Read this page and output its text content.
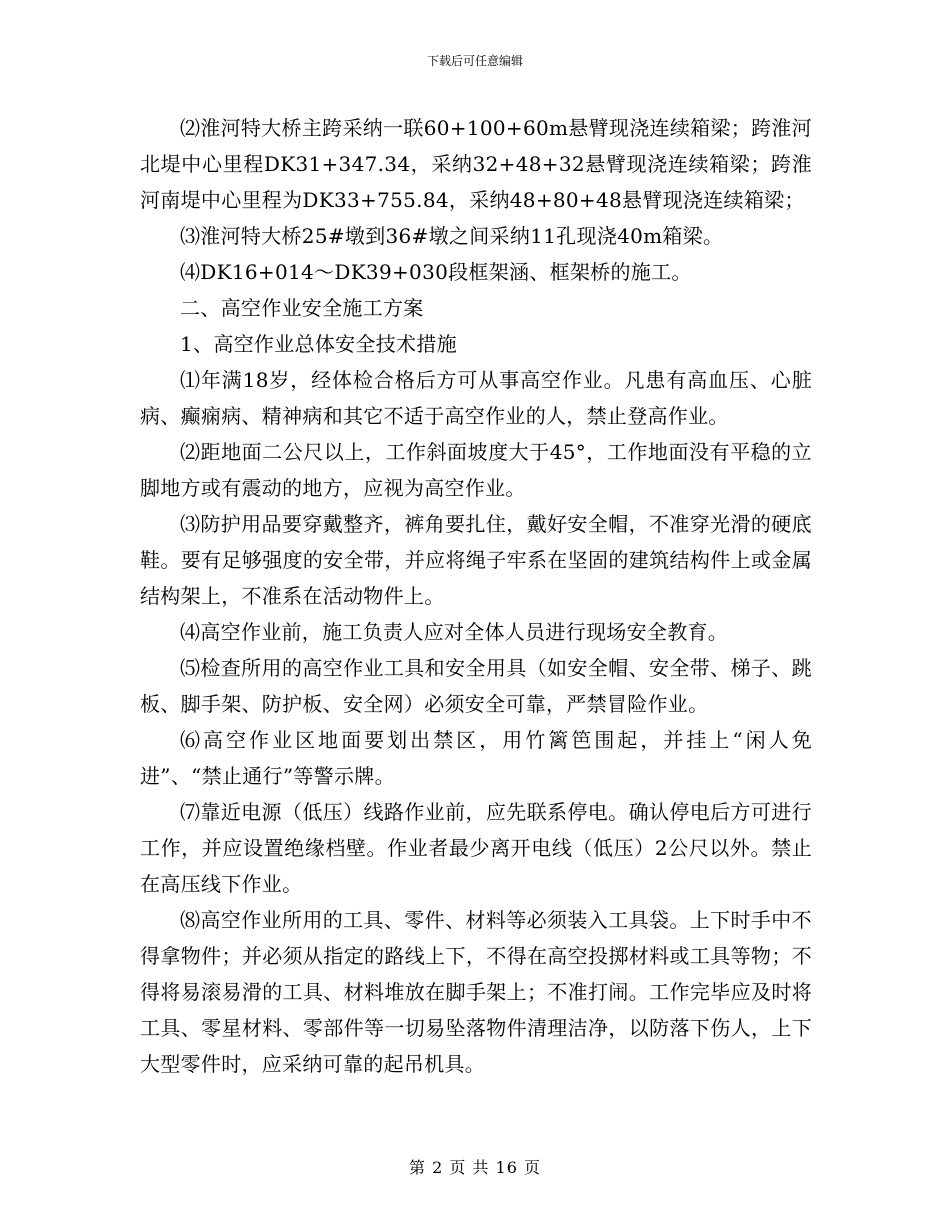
下载后可任意编辑

⑵淮河特大桥主跨采纳一联60+100+60m悬臂现浇连续箱梁；跨淮河北堤中心里程DK31+347.34，采纳32+48+32悬臂现浇连续箱梁；跨淮河南堤中心里程为DK33+755.84，采纳48+80+48悬臂现浇连续箱梁；

⑶淮河特大桥25#墩到36#墩之间采纳11孔现浇40m箱梁。

⑷DK16+014～DK39+030段框架涵、框架桥的施工。

二、高空作业安全施工方案

1、高空作业总体安全技术措施

⑴年满18岁，经体检合格后方可从事高空作业。凡患有高血压、心脏病、癫痫病、精神病和其它不适于高空作业的人，禁止登高作业。

⑵距地面二公尺以上，工作斜面坡度大于45°，工作地面没有平稳的立脚地方或有震动的地方，应视为高空作业。

⑶防护用品要穿戴整齐，裤角要扎住，戴好安全帽，不准穿光滑的硬底鞋。要有足够强度的安全带，并应将绳子牢系在坚固的建筑结构件上或金属结构架上，不准系在活动物件上。

⑷高空作业前，施工负责人应对全体人员进行现场安全教育。

⑸检查所用的高空作业工具和安全用具（如安全帽、安全带、梯子、跳板、脚手架、防护板、安全网）必须安全可靠，严禁冒险作业。

⑹高空作业区地面要划出禁区，用竹篱笆围起，并挂上“闲人免进”、“禁止通行”等警示牌。

⑺靠近电源（低压）线路作业前，应先联系停电。确认停电后方可进行工作，并应设置绝缘档壁。作业者最少离开电线（低压）2公尺以外。禁止在高压线下作业。

⑻高空作业所用的工具、零件、材料等必须装入工具袋。上下时手中不得拿物件；并必须从指定的路线上下，不得在高空投掷材料或工具等物；不得将易滚易滑的工具、材料堆放在脚手架上；不准打闹。工作完毕应及时将工具、零星材料、零部件等一切易坠落物件清理洁净，以防落下伤人，上下大型零件时，应采纳可靠的起吊机具。

第 2 页 共 16 页
